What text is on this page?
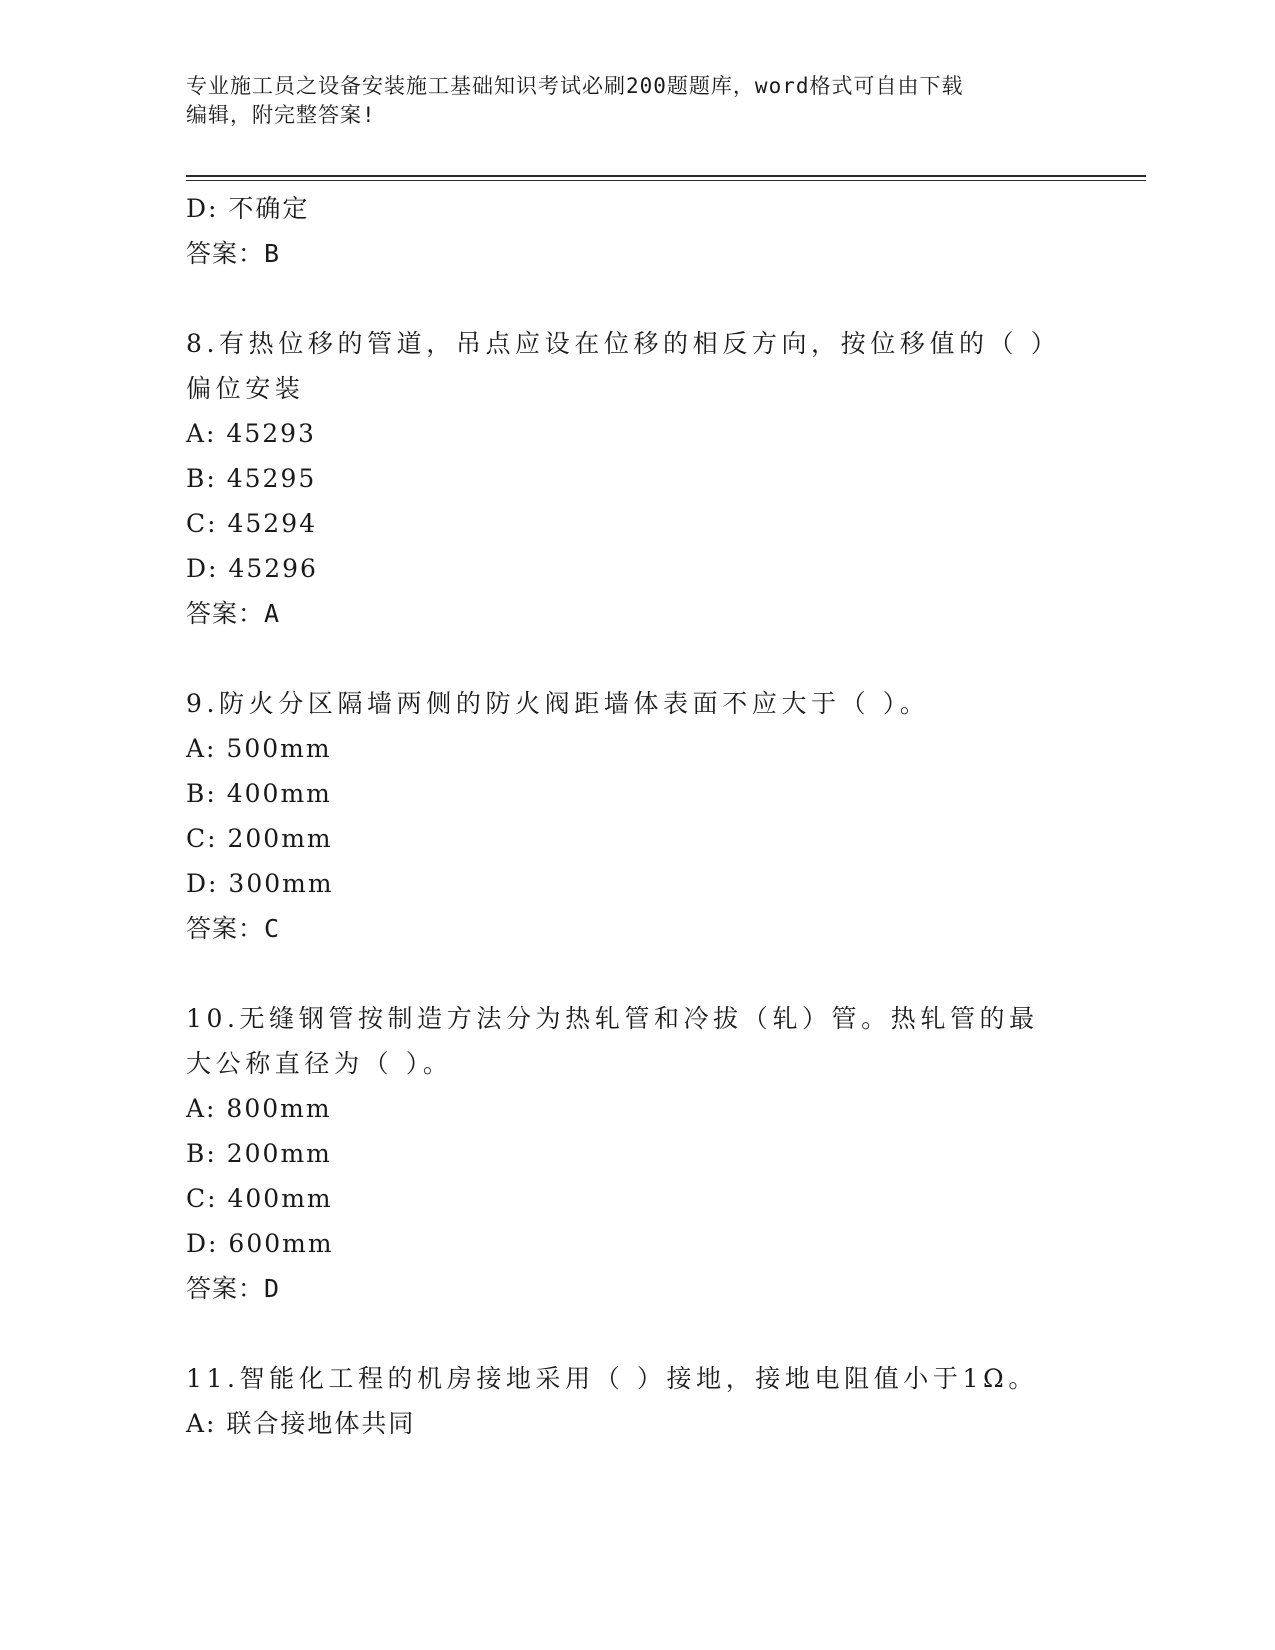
专业施工员之设备安装施工基础知识考试必刷200题题库，word格式可自由下载
编辑，附完整答案!
D: 不确定
答案：B
8.有热位移的管道，吊点应设在位移的相反方向，按位移值的（ ）偏位安装
A: 45293
B: 45295
C: 45294
D: 45296
答案：A
9.防火分区隔墙两侧的防火阀距墙体表面不应大于（ ）。
A: 500mm
B: 400mm
C: 200mm
D: 300mm
答案：C
10.无缝钢管按制造方法分为热轧管和冷拔（轧）管。热轧管的最大公称直径为（ ）。
A: 800mm
B: 200mm
C: 400mm
D: 600mm
答案：D
11.智能化工程的机房接地采用（ ）接地，接地电阻值小于1Ω。
A: 联合接地体共同
